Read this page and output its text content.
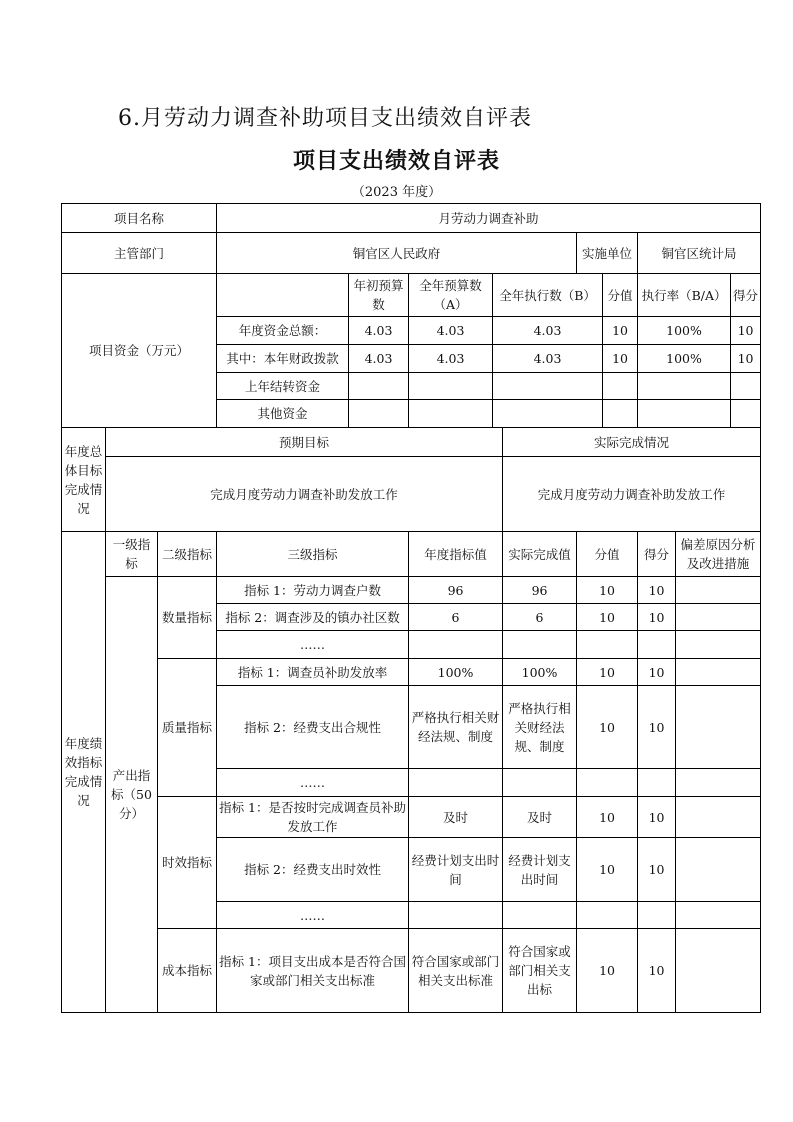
6.月劳动力调查补助项目支出绩效自评表
项目支出绩效自评表
（2023 年度）
项目名称			月劳动力调查补助									
主管部门			铜官区人民政府					实施单位		铜官区统计局		
项目资金（万元）				年初预算数	全年预算数（A）	全年执行数（B）			分值	执行率（B/A）		得分
			年度资金总额：	4.03	4.03	4.03			10	100%		10
			其中：本年财政拨款	4.03	4.03	4.03			10	100%		10
			上年结转资金									
			其他资金									
年度总体目标完成情况	预期目标						实际完成情况					
	完成月度劳动力调查补助发放工作						完成月度劳动力调查补助发放工作					
年度绩效指标完成情况	一级指标	二级指标	三级指标		年度指标值		实际完成值	分值		得分	偏差原因分析及改进措施	
	产出指标（50分）	数量指标	指标 1：劳动力调查户数		96		96	10		10		
			指标 2：调查涉及的镇办社区数		6		6	10		10		
			……									
		质量指标	指标 1：调查员补助发放率		100%		100%	10		10		
			指标 2：经费支出合规性		严格执行相关财经法规、制度		严格执行相关财经法规、制度	10		10		
			……									
		时效指标	指标 1：是否按时完成调查员补助发放工作		及时		及时	10		10		
			指标 2：经费支出时效性		经费计划支出时间		经费计划支出时间	10		10		
			……									
		成本指标	指标 1：项目支出成本是否符合国家或部门相关支出标准		符合国家或部门相关支出标准		符合国家或部门相关支出标	10		10		
